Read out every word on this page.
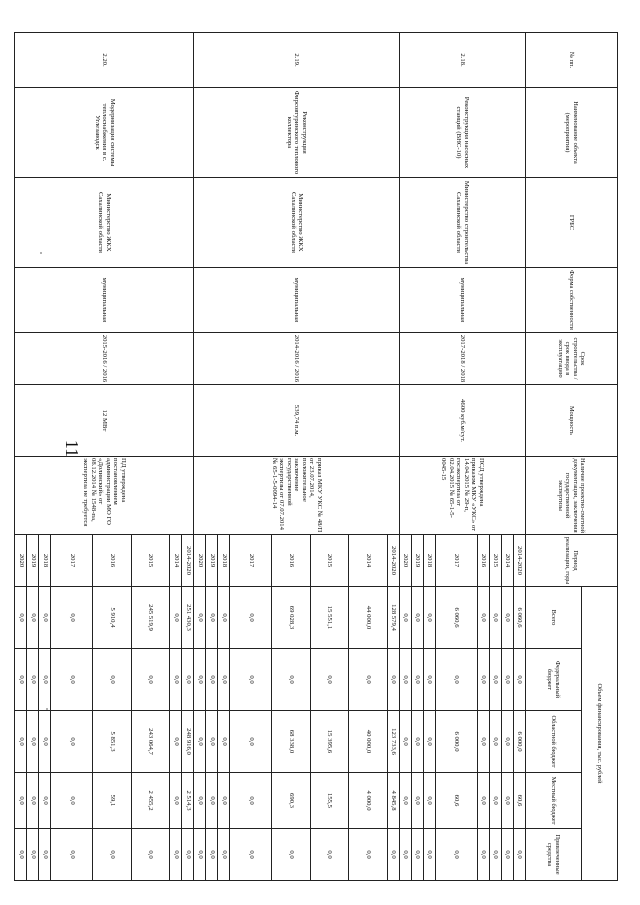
11
№ пп.	Наименование объекта (мероприятия)	ГРБС	Форма собственности	Срок строительства / срок ввода в эксплуатацию	Мощность	Наличие проектно-сметной документации, заключения государственной экспертизы	Период реализации, годы	Объем финансирования, тыс. рублей	
								Всего	Федеральный бюджет	Областной бюджет	Местный бюджет	Привлеченные средства	
2.18.	Реконструкция насосных станций (ВНС-10)	Министерство строительства Сахалинской области	муниципальная	2017-2018 / 2018	4600 куб.м/сут.	ПСД утверждена приказом МКУ «УКС» от 14.04.2015 № 29-п, госэкспертиза от 02.04.2015 № 65-1-5-0045-15	2014-2020	6 060,6	0,0	6 000,0	60,6	0,0	
							2014	0,0	0,0	0,0	0,0	0,0	
							2015	0,0	0,0	0,0	0,0	0,0	
							2016	0,0	0,0	0,0	0,0	0,0	
							2017	6 060,6	0,0	6 000,0	60,6	0,0	
							2018	0,0	0,0	0,0	0,0	0,0	
							2019	0,0	0,0	0,0	0,0	0,0	
							2020	0,0	0,0	0,0	0,0	0,0	
2.19.	Реконструкция Фирсовтуринского теплового коллектора	Министерство ЖКХ Сахалинской области	муниципальная	2014-2016 / 2016	539,74 п.м.	приказ МКУ УКС № 48/П от 23.07.2014, положительное заключение государственной экспертизы от 07.07.2014 № 65-1-5-0094-14	2014-2020	128 579,4	0,0	123 733,6	4 845,8	0,0	
							2014	44 000,0	0,0	40 000,0	4 000,0	0,0	
							2015	15 551,1	0,0	15 395,6	155,5	0,0	
							2016	69 028,3	0,0	68 338,0	690,3	0,0	
							2017	0,0	0,0	0,0	0,0	0,0	
							2018	0,0	0,0	0,0	0,0	0,0	
							2019	0,0	0,0	0,0	0,0	0,0	
							2020	0,0	0,0	0,0	0,0	0,0	
2.20.	Модернизация системы теплоснабжения в с. Углезаводск	Министерство ЖКХ Сахалинской области	муниципальная	2015-2016 / 2016	12 МВт	ПД утверждена постановлением администрации МО ГО «Долинский» от 08.12.2014 № 1548-па, экспертиза не требуется	2014-2020	251 430,3	0,0	248 916,0	2 514,3	0,0	
							2014	0,0	0,0	0,0	0,0	0,0	
							2015	245 519,9	0,0	243 064,7	2 455,2	0,0	
							2016	5 910,4	0,0	5 851,3	59,1	0,0	
							2017	0,0	0,0	0,0	0,0	0,0	
							2018	0,0	0,0	0,0	0,0	0,0	
							2019	0,0	0,0	0,0	0,0	0,0	
							2020	0,0	0,0	0,0	0,0	0,0	
